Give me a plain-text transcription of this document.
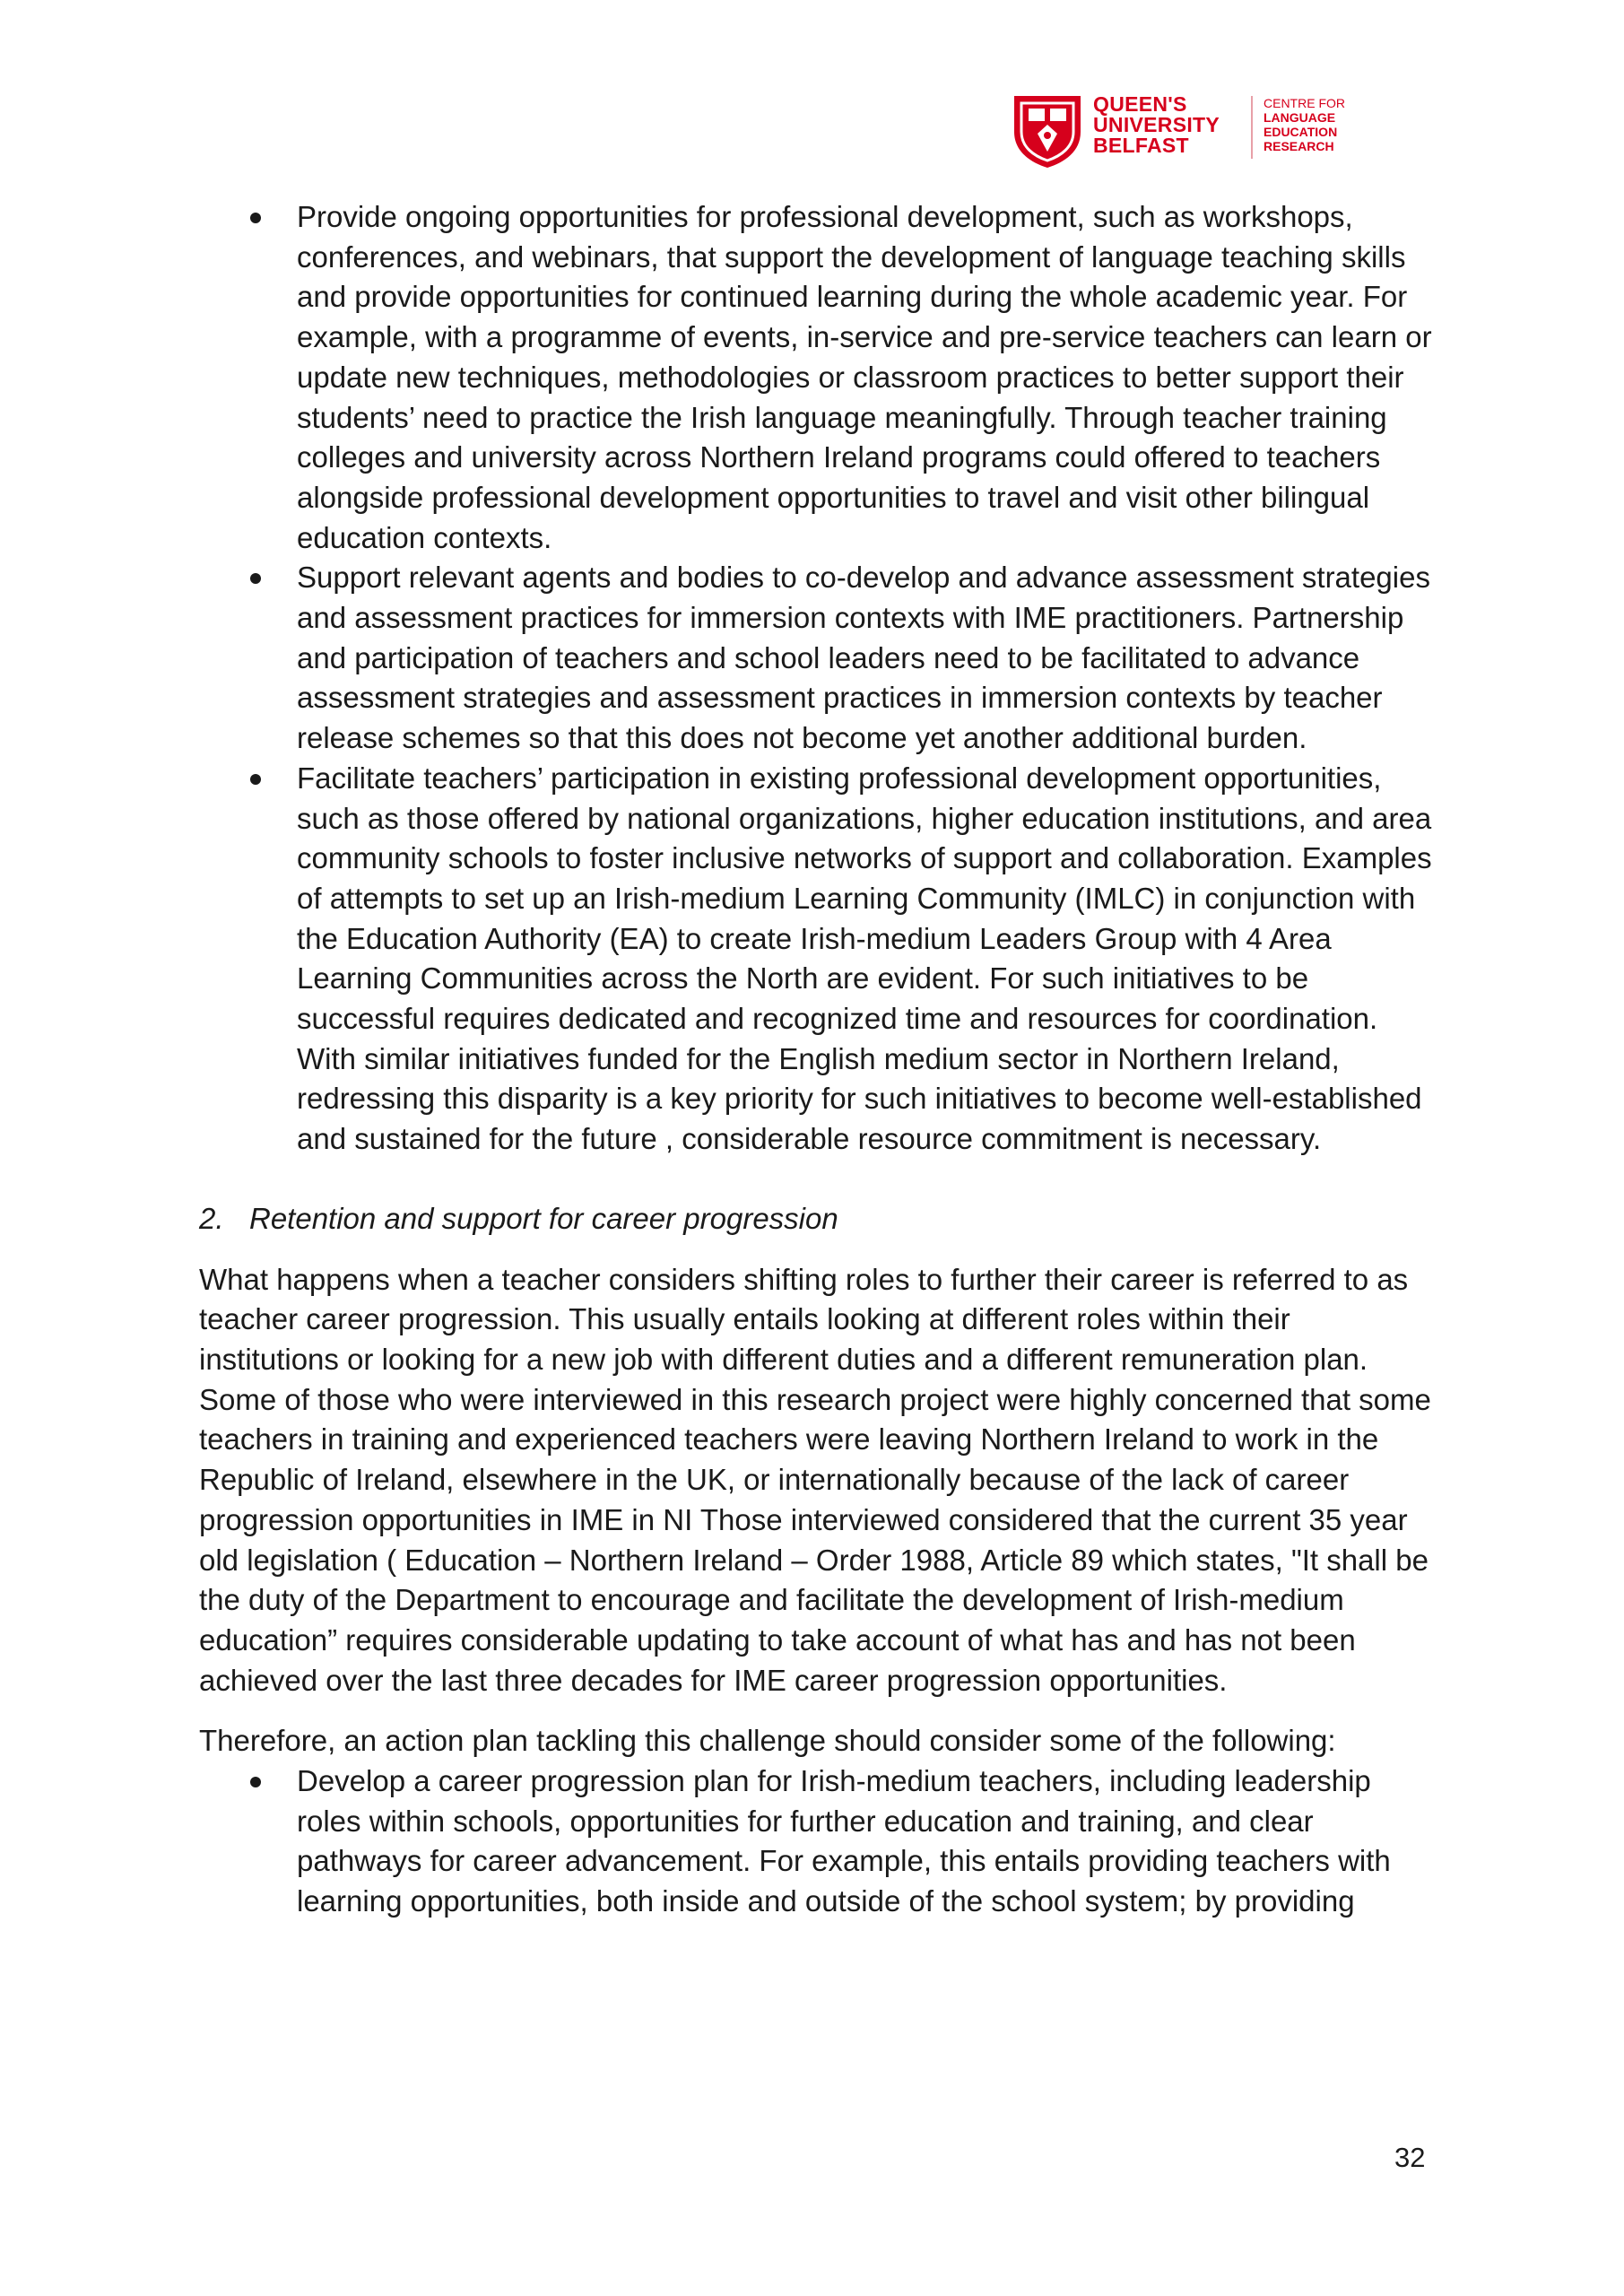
QUEEN'S
UNIVERSITY
BELFAST
CENTRE FOR
LANGUAGE
EDUCATION
RESEARCH
Provide ongoing opportunities for professional development, such as workshops, conferences, and webinars, that support the development of language teaching skills and provide opportunities for continued learning during the whole academic year. For example, with a programme of events, in-service and pre-service teachers can learn or update new techniques, methodologies or classroom practices to better support their students’ need to practice the Irish language meaningfully. Through teacher training colleges and university across Northern Ireland programs could offered to teachers alongside professional development opportunities to travel and visit other bilingual education contexts.
Support relevant agents and bodies to co-develop and advance assessment strategies and assessment practices for immersion contexts with IME practitioners. Partnership and participation of teachers and school leaders need to be facilitated to advance assessment strategies and assessment practices in immersion contexts by teacher release schemes so that this does not become yet another additional burden.
Facilitate teachers’ participation in existing professional development opportunities, such as those offered by national organizations, higher education institutions, and area community schools to foster inclusive networks of support and collaboration. Examples of attempts to set up an Irish-medium Learning Community (IMLC) in conjunction with the Education Authority (EA) to create Irish-medium Leaders Group with 4 Area Learning Communities across the North are evident. For such initiatives to be successful requires dedicated and recognized time and resources for coordination. With similar initiatives funded for the English medium sector in Northern Ireland, redressing this disparity is a key priority for such initiatives to become well-established and sustained for the future , considerable resource commitment is necessary.
2. Retention and support for career progression

What happens when a teacher considers shifting roles to further their career is referred to as teacher career progression. This usually entails looking at different roles within their institutions or looking for a new job with different duties and a different remuneration plan. Some of those who were interviewed in this research project were highly concerned that some teachers in training and experienced teachers were leaving Northern Ireland to work in the Republic of Ireland, elsewhere in the UK, or internationally because of the lack of career progression opportunities in IME in NI Those interviewed considered that the current 35 year old legislation ( Education – Northern Ireland – Order 1988, Article 89 which states, "It shall be the duty of the Department to encourage and facilitate the development of Irish-medium education” requires considerable updating to take account of what has and has not been achieved over the last three decades for IME career progression opportunities.

Therefore, an action plan tackling this challenge should consider some of the following:

Develop a career progression plan for Irish-medium teachers, including leadership roles within schools, opportunities for further education and training, and clear pathways for career advancement. For example, this entails providing teachers with learning opportunities, both inside and outside of the school system; by providing
32
